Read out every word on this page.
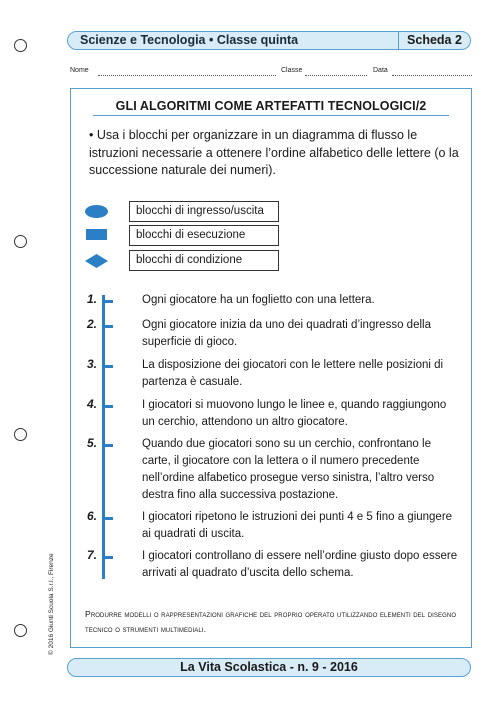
Scienze e Tecnologia • Classe quinta	Scheda 2
Nome	Classe	Data
GLI ALGORITMI COME ARTEFATTI TECNOLOGICI/2
• Usa i blocchi per organizzare in un diagramma di flusso le istruzioni necessarie a ottenere l’ordine alfabetico delle lettere (o la successione naturale dei numeri).
blocchi di ingresso/uscita
blocchi di esecuzione
blocchi di condizione
1.	Ogni giocatore ha un foglietto con una lettera.
2.	Ogni giocatore inizia da uno dei quadrati d’ingresso della superficie di gioco.
3.	La disposizione dei giocatori con le lettere nelle posizioni di partenza è casuale.
4.	I giocatori si muovono lungo le linee e, quando raggiungono un cerchio, attendono un altro giocatore.
5.	Quando due giocatori sono su un cerchio, confrontano le carte, il giocatore con la lettera o il numero precedente nell’ordine alfabetico prosegue verso sinistra, l’altro verso destra fino alla successiva postazione.
6.	I giocatori ripetono le istruzioni dei punti 4 e 5 fino a giungere ai quadrati di uscita.
7.	I giocatori controllano di essere nell’ordine giusto dopo essere arrivati al quadrato d’uscita dello schema.
Produrre modelli o rappresentazioni grafiche del proprio operato utilizzando elementi del disegno tecnico o strumenti multimediali.
© 2016 Giunti Scuola S.r.l., Firenze
La Vita Scolastica - n. 9 - 2016
